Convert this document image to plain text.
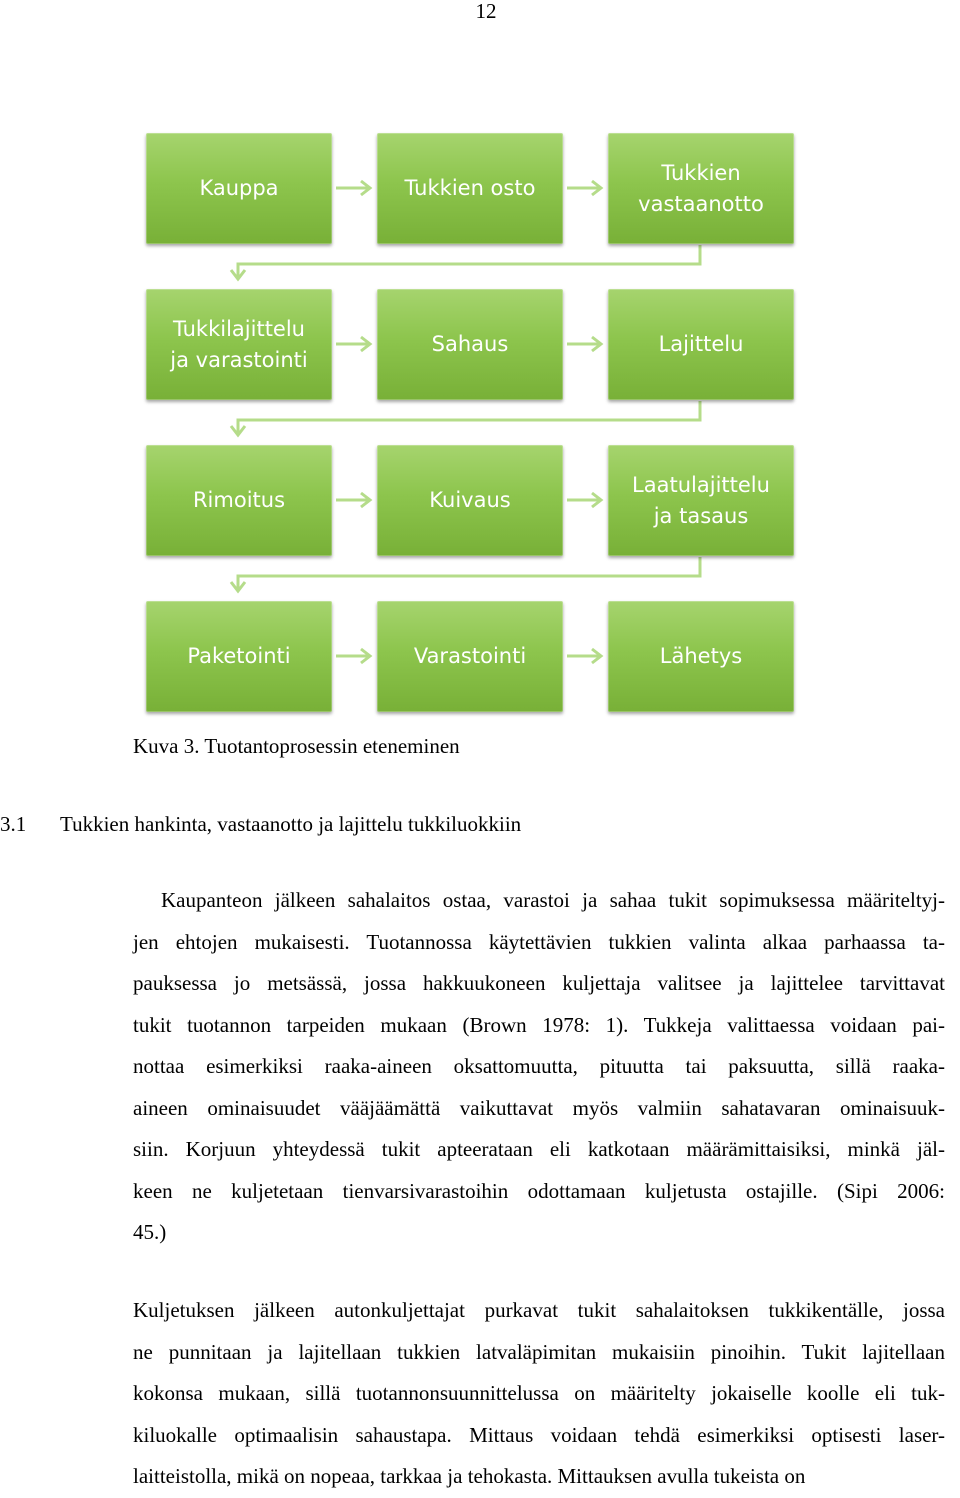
12
Kauppa	Tukkien osto
Tukkien
vastaanotto
Tukkilajittelu
ja varastointi
Sahaus	Lajittelu
Rimoitus	Kuivaus
Laatulajittelu
ja tasaus
Paketointi	Varastointi	Lähetys
Kuva 3. Tuotantoprosessin eteneminen
3.1 Tukkien hankinta, vastaanotto ja lajittelu tukkiluokkiin
Kaupanteon jälkeen sahalaitos ostaa, varastoi ja sahaa tukit sopimuksessa määriteltyj-
jen ehtojen mukaisesti. Tuotannossa käytettävien tukkien valinta alkaa parhaassa ta-
pauksessa jo metsässä, jossa hakkuukoneen kuljettaja valitsee ja lajittelee tarvittavat
tukit tuotannon tarpeiden mukaan (Brown 1978: 1). Tukkeja valittaessa voidaan pai-
nottaa esimerkiksi raaka-aineen oksattomuutta, pituutta tai paksuutta, sillä raaka-
aineen ominaisuudet vääjäämättä vaikuttavat myös valmiin sahatavaran ominaisuuk-
siin. Korjuun yhteydessä tukit apteerataan eli katkotaan määrämittaisiksi, minkä jäl-
keen ne kuljetetaan tienvarsivarastoihin odottamaan kuljetusta ostajille. (Sipi 2006:
45.)
Kuljetuksen jälkeen autonkuljettajat purkavat tukit sahalaitoksen tukkikentälle, jossa
ne punnitaan ja lajitellaan tukkien latvaläpimitan mukaisiin pinoihin. Tukit lajitellaan
kokonsa mukaan, sillä tuotannonsuunnittelussa on määritelty jokaiselle koolle eli tuk-
kiluokalle optimaalisin sahaustapa. Mittaus voidaan tehdä esimerkiksi optisesti laser-
laitteistolla, mikä on nopeaa, tarkkaa ja tehokasta. Mittauksen avulla tukeista on
